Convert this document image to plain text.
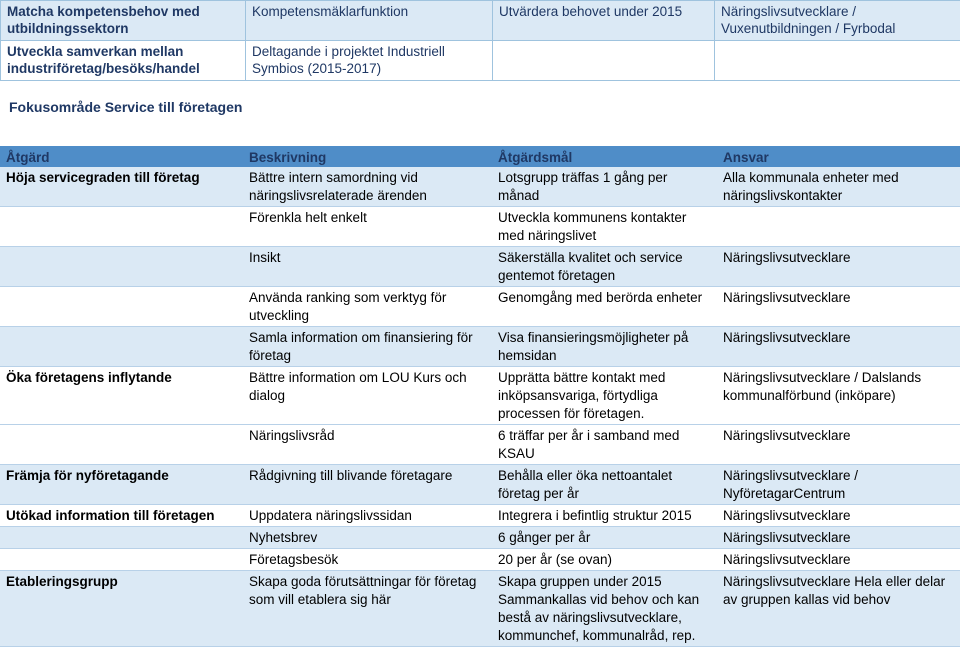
Matcha kompetensbehov med utbildningssektorn	Kompetensmäklarfunktion	Utvärdera behovet under 2015	Näringslivsutvecklare / Vuxenutbildningen / Fyrbodal
Utveckla samverkan mellan industriföretag/besöks/handel	Deltagande i projektet Industriell Symbios (2015-2017)		
Fokusområde Service till företagen
Åtgärd	Beskrivning	Åtgärdsmål	Ansvar
Höja servicegraden till företag	Bättre intern samordning vid näringslivsrelaterade ärenden	Lotsgrupp träffas 1 gång per månad	Alla kommunala enheter med näringslivskontakter
	Förenkla helt enkelt	Utveckla kommunens kontakter med näringslivet	
	Insikt	Säkerställa kvalitet och service gentemot företagen	Näringslivsutvecklare
	Använda ranking som verktyg för utveckling	Genomgång med berörda enheter	Näringslivsutvecklare
	Samla information om finansiering för företag	Visa finansieringsmöjligheter på hemsidan	Näringslivsutvecklare
Öka företagens inflytande	Bättre information om LOU Kurs och dialog	Upprätta bättre kontakt med inköpsansvariga, förtydliga processen för företagen.	Näringslivsutvecklare / Dalslands kommunalförbund (inköpare)
	Näringslivsråd	6 träffar per år i samband med KSAU	Näringslivsutvecklare
Främja för nyföretagande	Rådgivning till blivande företagare	Behålla eller öka nettoantalet företag per år	Näringslivsutvecklare / NyföretagarCentrum
Utökad information till företagen	Uppdatera näringslivssidan	Integrera i befintlig struktur 2015	Näringslivsutvecklare
	Nyhetsbrev	6 gånger per år	Näringslivsutvecklare
	Företagsbesök	20 per år (se ovan)	Näringslivsutvecklare
Etableringsgrupp	Skapa goda förutsättningar för företag som vill etablera sig här	Skapa gruppen under 2015 Sammankallas vid behov och kan bestå av näringslivsutvecklare, kommunchef, kommunalråd, rep.	Näringslivsutvecklare Hela eller delar av gruppen kallas vid behov
